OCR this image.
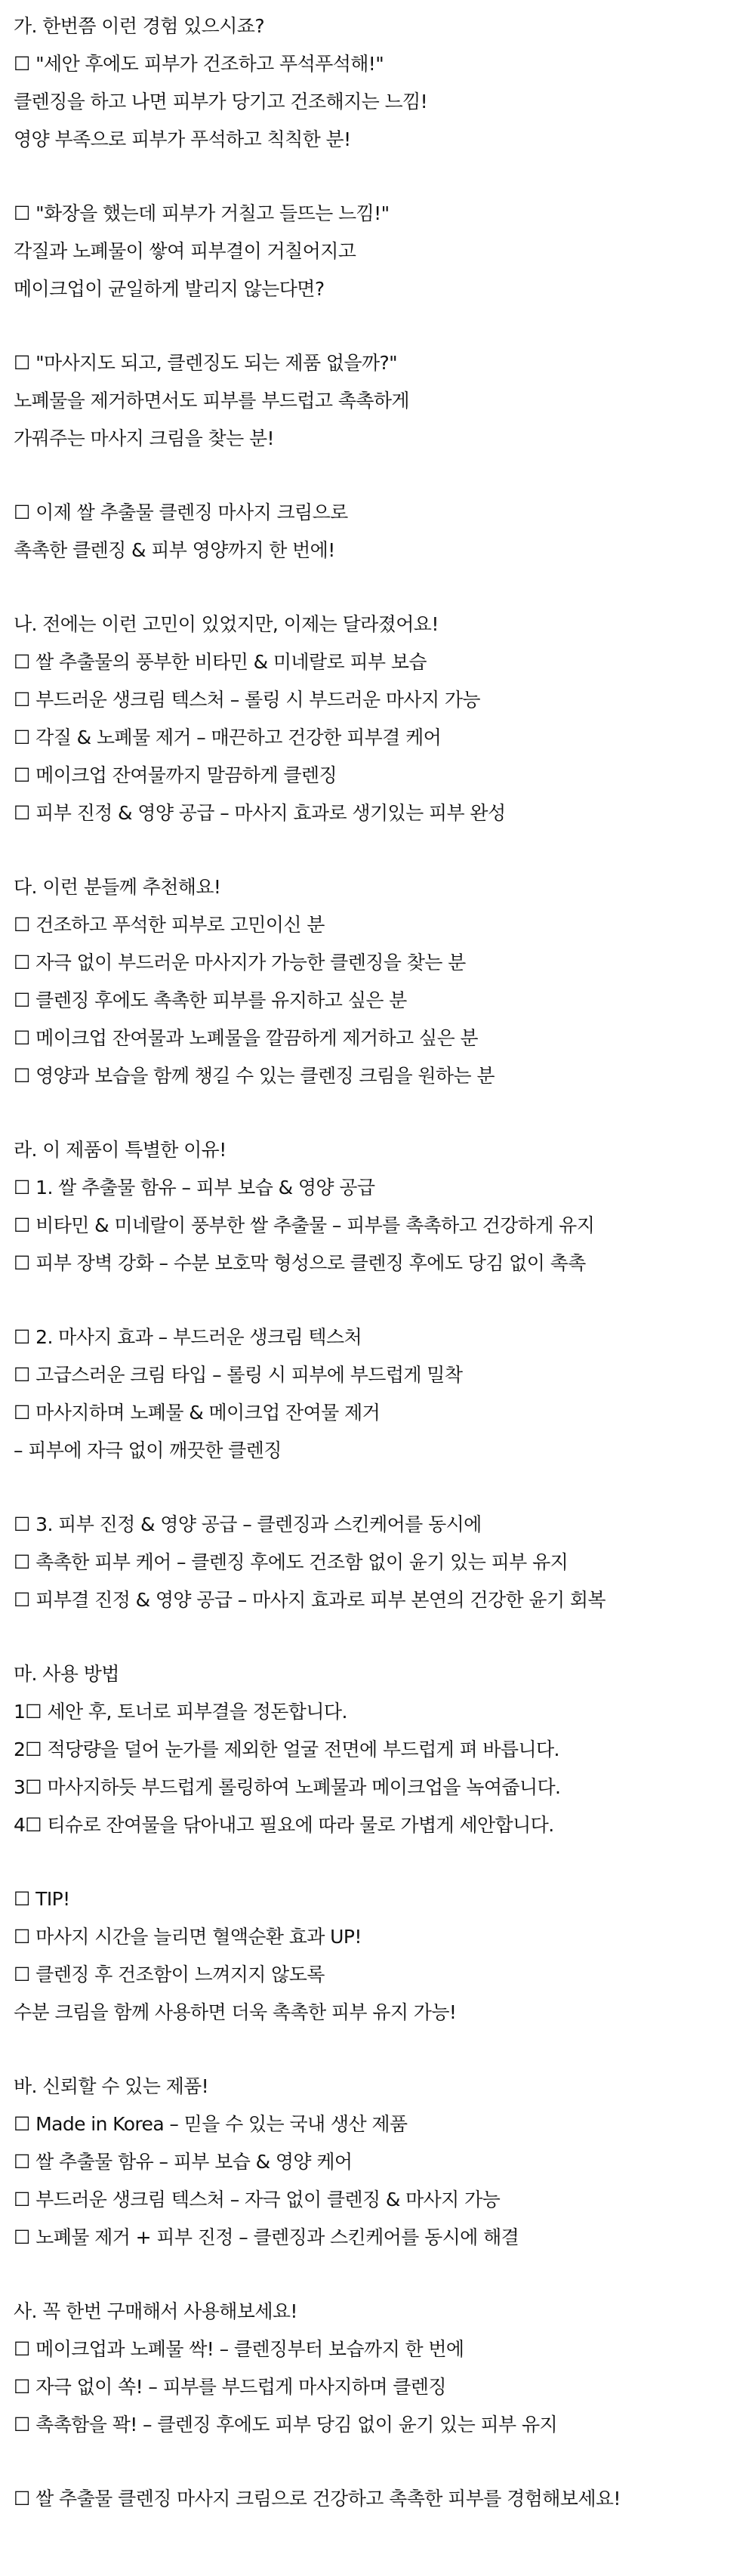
가. 한번쯤 이런 경험 있으시죠?
☐ "세안 후에도 피부가 건조하고 푸석푸석해!"
클렌징을 하고 나면 피부가 당기고 건조해지는 느낌!
영양 부족으로 피부가 푸석하고 칙칙한 분!
☐ "화장을 했는데 피부가 거칠고 들뜨는 느낌!"
각질과 노폐물이 쌓여 피부결이 거칠어지고
메이크업이 균일하게 발리지 않는다면?
☐ "마사지도 되고, 클렌징도 되는 제품 없을까?"
노폐물을 제거하면서도 피부를 부드럽고 촉촉하게
가꿔주는 마사지 크림을 찾는 분!
☐ 이제 쌀 추출물 클렌징 마사지 크림으로
촉촉한 클렌징 & 피부 영양까지 한 번에!
나. 전에는 이런 고민이 있었지만, 이제는 달라졌어요!
☐ 쌀 추출물의 풍부한 비타민 & 미네랄로 피부 보습
☐ 부드러운 생크림 텍스처 – 롤링 시 부드러운 마사지 가능
☐ 각질 & 노폐물 제거 – 매끈하고 건강한 피부결 케어
☐ 메이크업 잔여물까지 말끔하게 클렌징
☐ 피부 진정 & 영양 공급 – 마사지 효과로 생기있는 피부 완성
다. 이런 분들께 추천해요!
☐ 건조하고 푸석한 피부로 고민이신 분
☐ 자극 없이 부드러운 마사지가 가능한 클렌징을 찾는 분
☐ 클렌징 후에도 촉촉한 피부를 유지하고 싶은 분
☐ 메이크업 잔여물과 노폐물을 깔끔하게 제거하고 싶은 분
☐ 영양과 보습을 함께 챙길 수 있는 클렌징 크림을 원하는 분
라. 이 제품이 특별한 이유!
☐ 1. 쌀 추출물 함유 – 피부 보습 & 영양 공급
☐ 비타민 & 미네랄이 풍부한 쌀 추출물 – 피부를 촉촉하고 건강하게 유지
☐ 피부 장벽 강화 – 수분 보호막 형성으로 클렌징 후에도 당김 없이 촉촉
☐ 2. 마사지 효과 – 부드러운 생크림 텍스처
☐ 고급스러운 크림 타입 – 롤링 시 피부에 부드럽게 밀착
☐ 마사지하며 노폐물 & 메이크업 잔여물 제거
– 피부에 자극 없이 깨끗한 클렌징
☐ 3. 피부 진정 & 영양 공급 – 클렌징과 스킨케어를 동시에
☐ 촉촉한 피부 케어 – 클렌징 후에도 건조함 없이 윤기 있는 피부 유지
☐ 피부결 진정 & 영양 공급 – 마사지 효과로 피부 본연의 건강한 윤기 회복
마. 사용 방법
1☐ 세안 후, 토너로 피부결을 정돈합니다.
2☐ 적당량을 덜어 눈가를 제외한 얼굴 전면에 부드럽게 펴 바릅니다.
3☐ 마사지하듯 부드럽게 롤링하여 노폐물과 메이크업을 녹여줍니다.
4☐ 티슈로 잔여물을 닦아내고 필요에 따라 물로 가볍게 세안합니다.
☐ TIP!
☐ 마사지 시간을 늘리면 혈액순환 효과 UP!
☐ 클렌징 후 건조함이 느껴지지 않도록
수분 크림을 함께 사용하면 더욱 촉촉한 피부 유지 가능!
바. 신뢰할 수 있는 제품!
☐ Made in Korea – 믿을 수 있는 국내 생산 제품
☐ 쌀 추출물 함유 – 피부 보습 & 영양 케어
☐ 부드러운 생크림 텍스처 – 자극 없이 클렌징 & 마사지 가능
☐ 노폐물 제거 + 피부 진정 – 클렌징과 스킨케어를 동시에 해결
사. 꼭 한번 구매해서 사용해보세요!
☐ 메이크업과 노폐물 싹! – 클렌징부터 보습까지 한 번에
☐ 자극 없이 쏙! – 피부를 부드럽게 마사지하며 클렌징
☐ 촉촉함을 꽉! – 클렌징 후에도 피부 당김 없이 윤기 있는 피부 유지
☐ 쌀 추출물 클렌징 마사지 크림으로 건강하고 촉촉한 피부를 경험해보세요!
